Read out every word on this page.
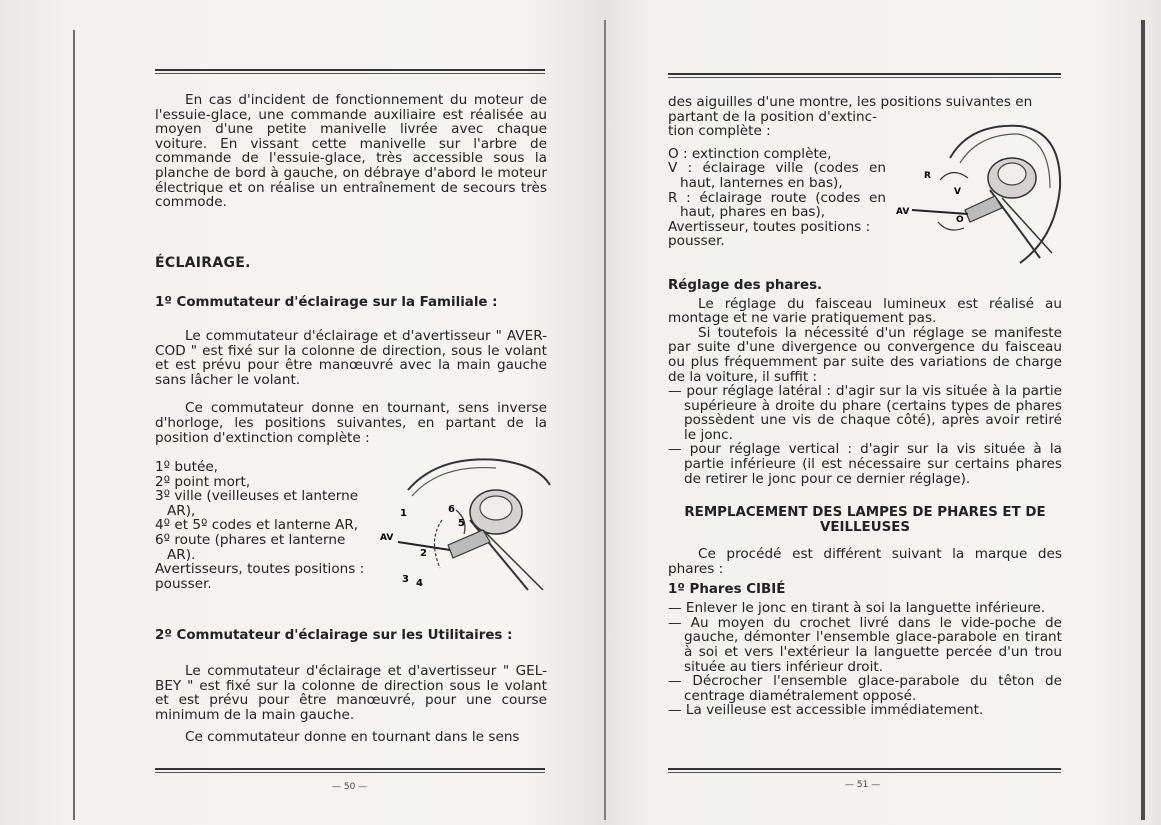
En cas d'incident de fonctionnement du moteur de l'essuie-glace, une commande auxiliaire est réalisée au moyen d'une petite manivelle livrée avec chaque voiture. En vissant cette manivelle sur l'arbre de commande de l'essuie-glace, très accessible sous la planche de bord à gauche, on débraye d'abord le moteur électrique et on réalise un entraînement de secours très commode.

ÉCLAIRAGE.
1º Commutateur d'éclairage sur la Familiale :

Le commutateur d'éclairage et d'avertisseur " AVER-COD " est fixé sur la colonne de direction, sous le volant et est prévu pour être manœuvré avec la main gauche sans lâcher le volant.

Ce commutateur donne en tournant, sens inverse d'horloge, les positions suivantes, en partant de la position d'extinction complète :

1º butée,

2º point mort,

3º ville (veilleuses et lanterne AR),

4º et 5º codes et lanterne AR,

6º route (phares et lanterne AR).

Avertisseurs, toutes positions : pousser.

2º Commutateur d'éclairage sur les Utilitaires :

Le commutateur d'éclairage et d'avertisseur " GEL-BEY " est fixé sur la colonne de direction sous le volant et est prévu pour être manœuvré, pour une course minimum de la main gauche.

Ce commutateur donne en tournant dans le sens

1	6
5
AV
2
3 4
— 50 —

des aiguilles d'une montre, les positions suivantes en

partant de la position d'extinc-

tion complète :

O : extinction complète,

V : éclairage ville (codes en haut, lanternes en bas),

R : éclairage route (codes en haut, phares en bas),

Avertisseur, toutes positions : pousser.

Réglage des phares.

Le réglage du faisceau lumineux est réalisé au montage et ne varie pratiquement pas.

Si toutefois la nécessité d'un réglage se manifeste par suite d'une divergence ou convergence du faisceau ou plus fréquemment par suite des variations de charge de la voiture, il suffit :

— pour réglage latéral : d'agir sur la vis située à la partie supérieure à droite du phare (certains types de phares possèdent une vis de chaque côté), après avoir retiré le jonc.

— pour réglage vertical : d'agir sur la vis située à la partie inférieure (il est nécessaire sur certains phares de retirer le jonc pour ce dernier réglage).

REMPLACEMENT DES LAMPES DE PHARES ET DE VEILLEUSES

Ce procédé est différent suivant la marque des phares :

1º Phares CIBIÉ

— Enlever le jonc en tirant à soi la languette inférieure.

— Au moyen du crochet livré dans le vide-poche de gauche, démonter l'ensemble glace-parabole en tirant à soi et vers l'extérieur la languette percée d'un trou située au tiers inférieur droit.

— Décrocher l'ensemble glace-parabole du têton de centrage diamétralement opposé.

— La veilleuse est accessible immédiatement.

R
V
AV
O
— 51 —
